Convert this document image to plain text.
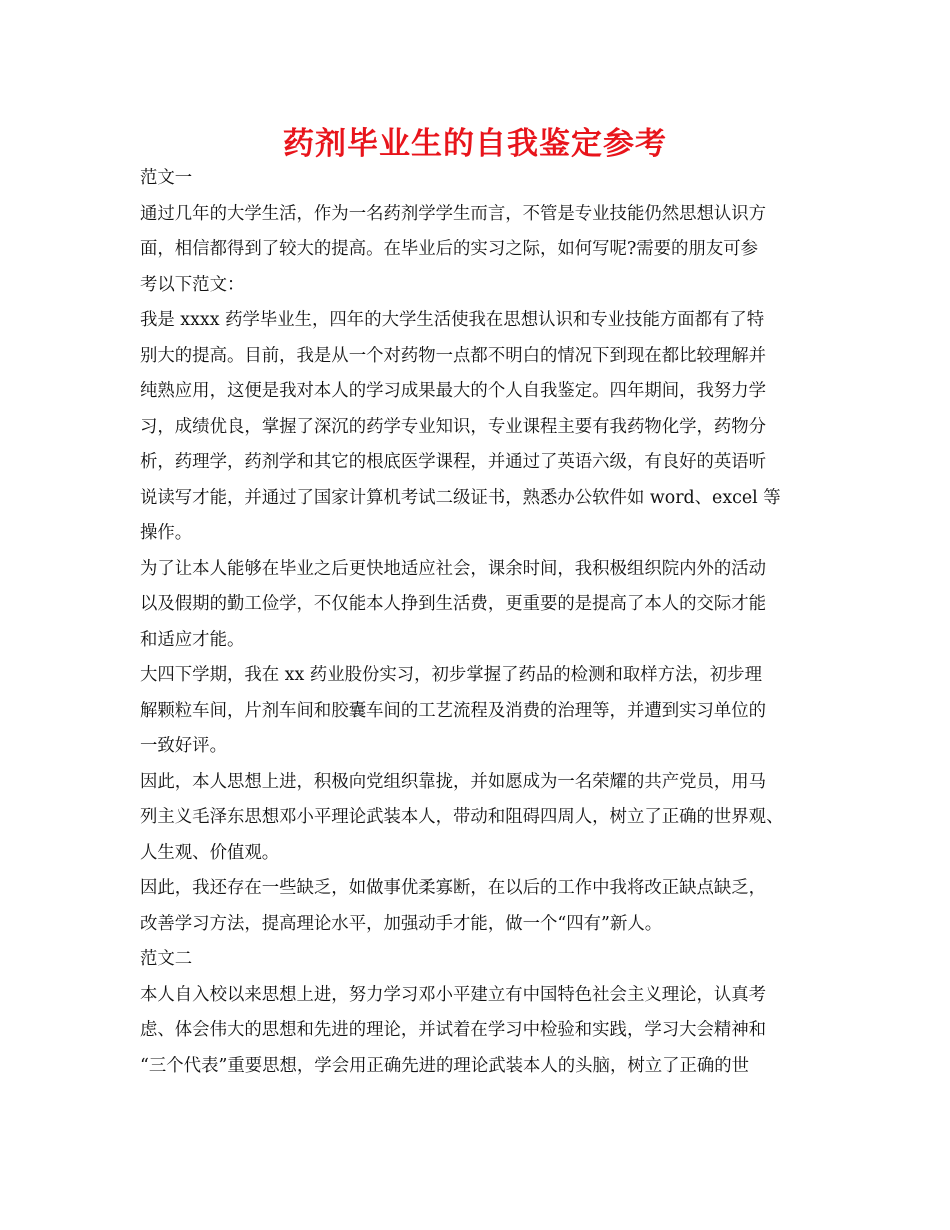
药剂毕业生的自我鉴定参考
范文一
通过几年的大学生活，作为一名药剂学学生而言，不管是专业技能仍然思想认识方
面，相信都得到了较大的提高。在毕业后的实习之际，如何写呢?需要的朋友可参
考以下范文：
我是 xxxx 药学毕业生，四年的大学生活使我在思想认识和专业技能方面都有了特
别大的提高。目前，我是从一个对药物一点都不明白的情况下到现在都比较理解并
纯熟应用，这便是我对本人的学习成果最大的个人自我鉴定。四年期间，我努力学
习，成绩优良，掌握了深沉的药学专业知识，专业课程主要有我药物化学，药物分
析，药理学，药剂学和其它的根底医学课程，并通过了英语六级，有良好的英语听
说读写才能，并通过了国家计算机考试二级证书，熟悉办公软件如 word、excel 等
操作。
为了让本人能够在毕业之后更快地适应社会，课余时间，我积极组织院内外的活动
以及假期的勤工俭学，不仅能本人挣到生活费，更重要的是提高了本人的交际才能
和适应才能。
大四下学期，我在 xx 药业股份实习，初步掌握了药品的检测和取样方法，初步理
解颗粒车间，片剂车间和胶囊车间的工艺流程及消费的治理等，并遭到实习单位的
一致好评。
因此，本人思想上进，积极向党组织靠拢，并如愿成为一名荣耀的共产党员，用马
列主义毛泽东思想邓小平理论武装本人，带动和阻碍四周人，树立了正确的世界观、
人生观、价值观。
因此，我还存在一些缺乏，如做事优柔寡断，在以后的工作中我将改正缺点缺乏，
改善学习方法，提高理论水平，加强动手才能，做一个“四有”新人。
范文二
本人自入校以来思想上进，努力学习邓小平建立有中国特色社会主义理论，认真考
虑、体会伟大的思想和先进的理论，并试着在学习中检验和实践，学习大会精神和
“三个代表”重要思想，学会用正确先进的理论武装本人的头脑，树立了正确的世
